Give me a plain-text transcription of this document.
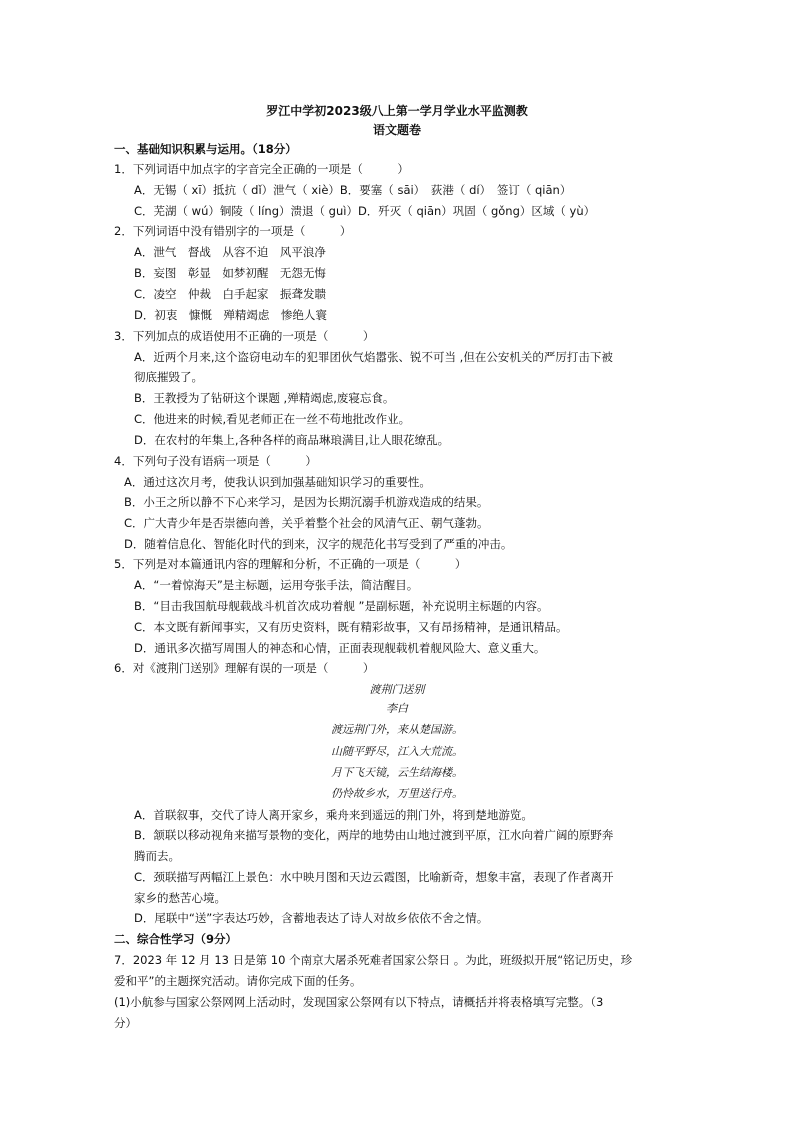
罗江中学初2023级八上第一学月学业水平监测教
语文题卷
一、基础知识积累与运用。（18分）
1．下列词语中加点字的字音完全正确的一项是（　　　）
A．无锡（ xī）抵抗（ dǐ）泄气（ xiè）B．要塞（ sāi）　荻港（ dí）　签订（ qiān）
C．芜湖（ wú）铜陵（ líng）溃退（ guì）D．歼灭（ qiān）巩固（ gǒng）区域（ yù）
2．下列词语中没有错别字的一项是（　　　）
A．泄气　督战　从容不迫　风平浪净
B．妄图　彰显　如梦初醒　无怨无悔
C．凌空　仲裁　白手起家　振聋发聩
D．初衷　慷慨　殚精竭虑　惨绝人寰
3．下列加点的成语使用不正确的一项是（　　　）
A．近两个月来,这个盗窃电动车的犯罪团伙气焰嚣张、锐不可当 ,但在公安机关的严厉打击下被
彻底摧毁了。
B．王教授为了钻研这个课题 ,殚精竭虑,废寝忘食。
C．他进来的时候,看见老师正在一丝不苟地批改作业。
D．在农村的年集上,各种各样的商品琳琅满目,让人眼花缭乱。
4．下列句子没有语病一项是（　　　）
A．通过这次月考，使我认识到加强基础知识学习的重要性。
B．小王之所以静不下心来学习，是因为长期沉溺手机游戏造成的结果。
C．广大青少年是否崇德向善，关乎着整个社会的风清气正、朝气蓬勃。
D．随着信息化、智能化时代的到来，汉字的规范化书写受到了严重的冲击。
5．下列是对本篇通讯内容的理解和分析，不正确的一项是（　　　）
A．“一着惊海天”是主标题，运用夸张手法，简洁醒目。
B．“目击我国航母舰载战斗机首次成功着舰 ”是副标题，补充说明主标题的内容。
C．本文既有新闻事实，又有历史资料，既有精彩故事，又有昂扬精神，是通讯精品。
D．通讯多次描写周围人的神态和心情，正面表现舰载机着舰风险大、意义重大。
6．对《渡荆门送别》理解有误的一项是（　　　）
渡荆门送别
李白
渡远荆门外，来从楚国游。
山随平野尽，江入大荒流。
月下飞天镜，云生结海楼。
仍怜故乡水，万里送行舟。
A．首联叙事，交代了诗人离开家乡，乘舟来到遥远的荆门外，将到楚地游览。
B．颔联以移动视角来描写景物的变化，两岸的地势由山地过渡到平原，江水向着广阔的原野奔
腾而去。
C．颈联描写两幅江上景色：水中映月图和天边云霞图，比喻新奇，想象丰富，表现了作者离开
家乡的愁苦心境。
D．尾联中“送”字表达巧妙，含蓄地表达了诗人对故乡依依不舍之情。
二、综合性学习（9分）
7．2023 年 12 月 13 日是第 10 个南京大屠杀死难者国家公祭日 。为此，班级拟开展“铭记历史，珍
爱和平”的主题探究活动。请你完成下面的任务。
(1)小航参与国家公祭网网上活动时，发现国家公祭网有以下特点，请概括并将表格填写完整。（3
分）
